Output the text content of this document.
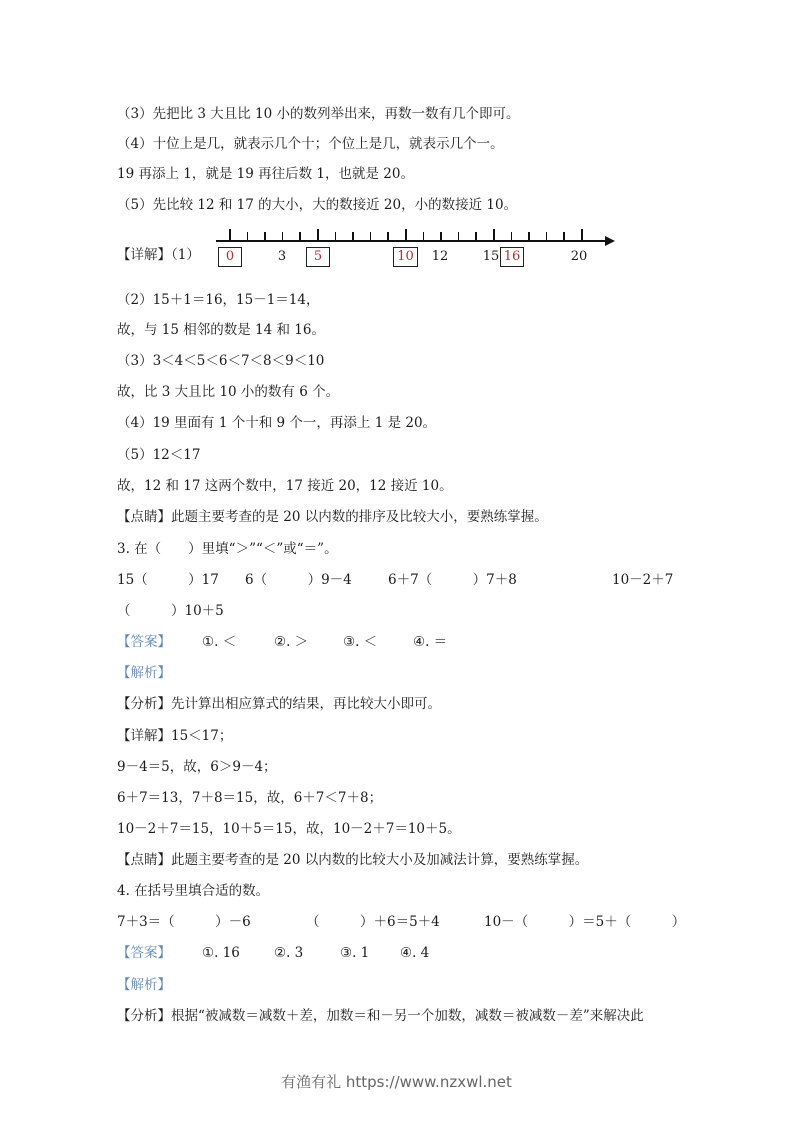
（3）先把比 3 大且比 10 小的数列举出来，再数一数有几个即可。
（4）十位上是几，就表示几个十；个位上是几，就表示几个一。
19 再添上 1，就是 19 再往后数 1，也就是 20。
（5）先比较 12 和 17 的大小，大的数接近 20，小的数接近 10。
【详解】（1）	0	5	10	16
3	12	15	20
（2）15＋1＝16，15－1＝14，
故，与 15 相邻的数是 14 和 16。
（3）3＜4＜5＜6＜7＜8＜9＜10
故，比 3 大且比 10 小的数有 6 个。
（4）19 里面有 1 个十和 9 个一，再添上 1 是 20。
（5）12＜17
故，12 和 17 这两个数中，17 接近 20，12 接近 10。
【点睛】此题主要考查的是 20 以内数的排序及比较大小，要熟练掌握。
3. 在（　　）里填“＞”“＜”或“＝”。
15（　　　）17 6（　　　）9－4	6＋7（　　　）7＋8	10－2＋7
（　　　）10＋5
【答案】 ①. ＜	②. ＞	③. ＜	④. ＝
【解析】
【分析】先计算出相应算式的结果，再比较大小即可。
【详解】15＜17；
9－4＝5，故，6＞9－4；
6＋7＝13，7＋8＝15，故，6＋7＜7＋8；
10－2＋7＝15，10＋5＝15，故，10－2＋7＝10＋5。
【点睛】此题主要考查的是 20 以内数的比较大小及加减法计算，要熟练掌握。
4. 在括号里填合适的数。
7＋3＝（　　　）－6	（　　　）＋6＝5＋4	10－（　　　）＝5＋（　　　）
【答案】 ①. 16	②. 3	③. 1 ④. 4
【解析】
【分析】根据“被减数＝减数＋差，加数＝和－另一个加数，减数＝被减数－差”来解决此
有渔有礼 https://www.nzxwl.net
